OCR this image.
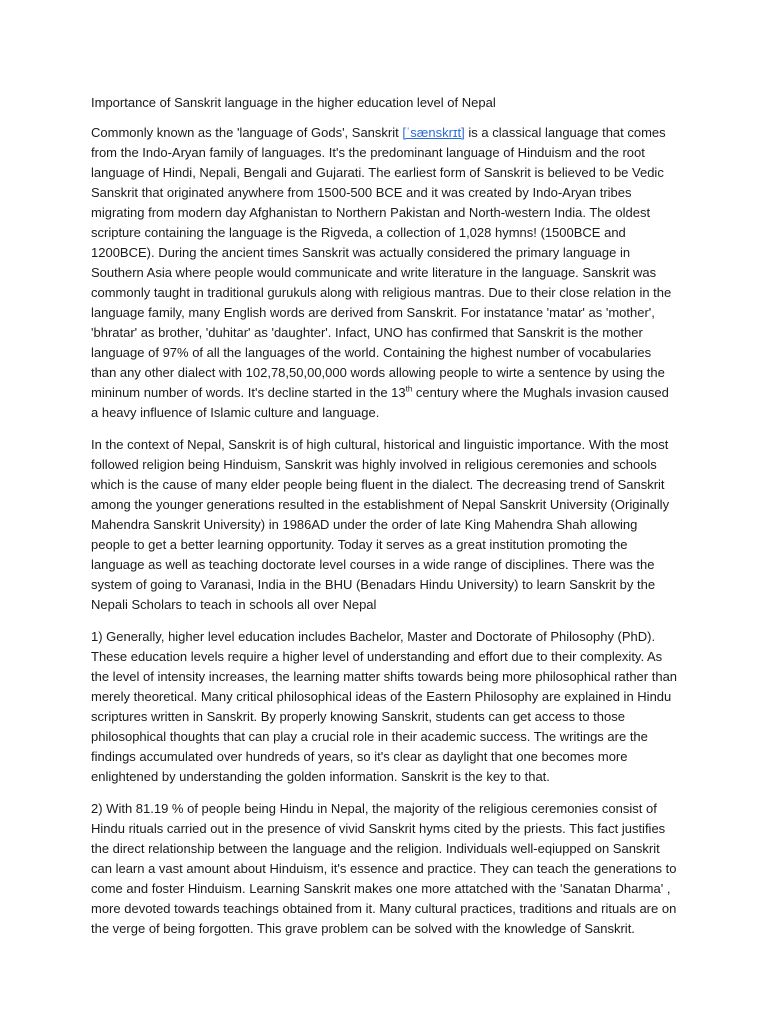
Importance of Sanskrit language in the higher education level of Nepal

Commonly known as the 'language of Gods', Sanskrit [ˈsænskrɪt] is a classical language that comes from the Indo-Aryan family of languages. It's the predominant language of Hinduism and the root language of Hindi, Nepali, Bengali and Gujarati. The earliest form of Sanskrit is believed to be Vedic Sanskrit that originated anywhere from 1500-500 BCE and it was created by Indo-Aryan tribes migrating from modern day Afghanistan to Northern Pakistan and North-western India. The oldest scripture containing the language is the Rigveda, a collection of 1,028 hymns! (1500BCE and 1200BCE). During the ancient times Sanskrit was actually considered the primary language in Southern Asia where people would communicate and write literature in the language. Sanskrit was commonly taught in traditional gurukuls along with religious mantras. Due to their close relation in the language family, many English words are derived from Sanskrit. For instatance 'matar' as 'mother', 'bhratar' as brother, 'duhitar' as 'daughter'. Infact, UNO has confirmed that Sanskrit is the mother language of 97% of all the languages of the world. Containing the highest number of vocabularies than any other dialect with 102,78,50,00,000 words allowing people to wirte a sentence by using the mininum number of words. It's decline started in the 13th century where the Mughals invasion caused a heavy influence of Islamic culture and language.

In the context of Nepal, Sanskrit is of high cultural, historical and linguistic importance. With the most followed religion being Hinduism, Sanskrit was highly involved in religious ceremonies and schools which is the cause of many elder people being fluent in the dialect. The decreasing trend of Sanskrit among the younger generations resulted in the establishment of Nepal Sanskrit University (Originally Mahendra Sanskrit University) in 1986AD under the order of late King Mahendra Shah allowing people to get a better learning opportunity. Today it serves as a great institution promoting the language as well as teaching doctorate level courses in a wide range of disciplines. There was the system of going to Varanasi, India in the BHU (Benadars Hindu University) to learn Sanskrit by the Nepali Scholars to teach in schools all over Nepal

1) Generally, higher level education includes Bachelor, Master and Doctorate of Philosophy (PhD). These education levels require a higher level of understanding and effort due to their complexity. As the level of intensity increases, the learning matter shifts towards being more philosophical rather than merely theoretical. Many critical philosophical ideas of the Eastern Philosophy are explained in Hindu scriptures written in Sanskrit. By properly knowing Sanskrit, students can get access to those philosophical thoughts that can play a crucial role in their academic success. The writings are the findings accumulated over hundreds of years, so it's clear as daylight that one becomes more enlightened by understanding the golden information. Sanskrit is the key to that.

2) With 81.19 % of people being Hindu in Nepal, the majority of the religious ceremonies consist of Hindu rituals carried out in the presence of vivid Sanskrit hyms cited by the priests. This fact justifies the direct relationship between the language and the religion. Individuals well-eqiupped on Sanskrit can learn a vast amount about Hinduism, it's essence and practice. They can teach the generations to come and foster Hinduism. Learning Sanskrit makes one more attatched with the 'Sanatan Dharma' , more devoted towards teachings obtained from it. Many cultural practices, traditions and rituals are on the verge of being forgotten. This grave problem can be solved with the knowledge of Sanskrit.
